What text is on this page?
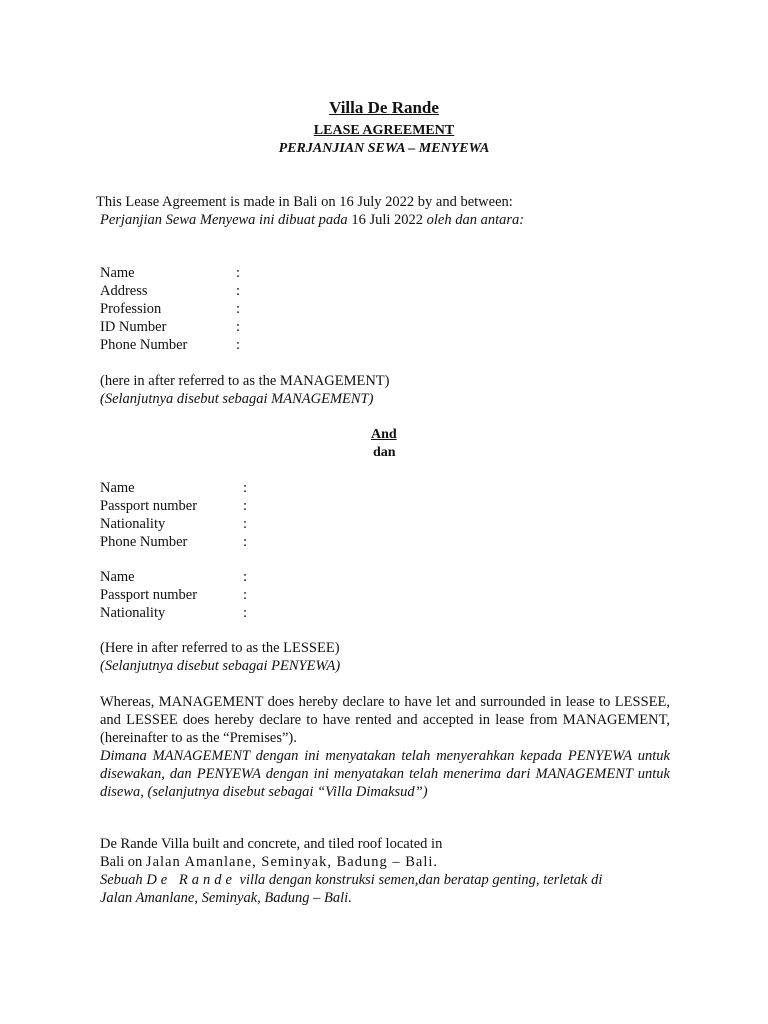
Villa De Rande
LEASE AGREEMENT
PERJANJIAN SEWA – MENYEWA
This Lease Agreement is made in Bali on 16 July 2022 by and between:
Perjanjian Sewa Menyewa ini dibuat pada 16 Juli 2022 oleh dan antara:
Name	:
Address	:
Profession	:
ID Number	:
Phone Number	:
(here in after referred to as the MANAGEMENT)
(Selanjutnya disebut sebagai MANAGEMENT)
And
dan
Name	:
Passport number	:
Nationality	:
Phone Number	:
Name	:
Passport number	:
Nationality	:
(Here in after referred to as the LESSEE)
(Selanjutnya disebut sebagai PENYEWA)
Whereas, MANAGEMENT does hereby declare to have let and surrounded in lease to LESSEE, and LESSEE does hereby declare to have rented and accepted in lease from MANAGEMENT, (hereinafter to as the “Premises”).
Dimana MANAGEMENT dengan ini menyatakan telah menyerahkan kepada PENYEWA untuk disewakan, dan PENYEWA dengan ini menyatakan telah menerima dari MANAGEMENT untuk disewa, (selanjutnya disebut sebagai “Villa Dimaksud”)
De Rande Villa built and concrete, and tiled roof located in
Bali on Jalan Amanlane, Seminyak, Badung – Bali.
Sebuah De Rande villa dengan konstruksi semen,dan beratap genting, terletak di
Jalan Amanlane, Seminyak, Badung – Bali.
